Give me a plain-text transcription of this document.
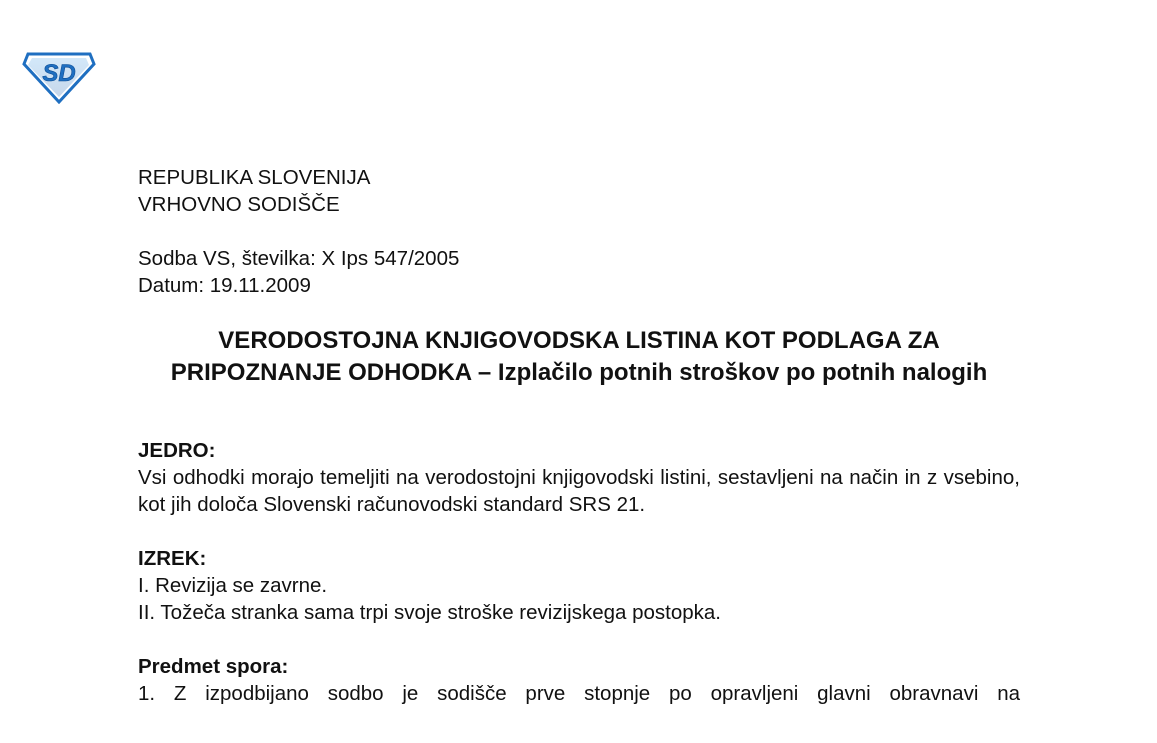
SD
REPUBLIKA SLOVENIJA
VRHOVNO SODIŠČE
Sodba VS, številka: X Ips 547/2005
Datum: 19.11.2009
VERODOSTOJNA KNJIGOVODSKA LISTINA KOT PODLAGA ZA PRIPOZNANJE ODHODKA – Izplačilo potnih stroškov po potnih nalogih
JEDRO:
Vsi odhodki morajo temeljiti na verodostojni knjigovodski listini, sestavljeni na način in z vsebino, kot jih določa Slovenski računovodski standard SRS 21.
IZREK:
I. Revizija se zavrne.
II. Tožeča stranka sama trpi svoje stroške revizijskega postopka.
Predmet spora:
1. Z izpodbijano sodbo je sodišče prve stopnje po opravljeni glavni obravnavi na
